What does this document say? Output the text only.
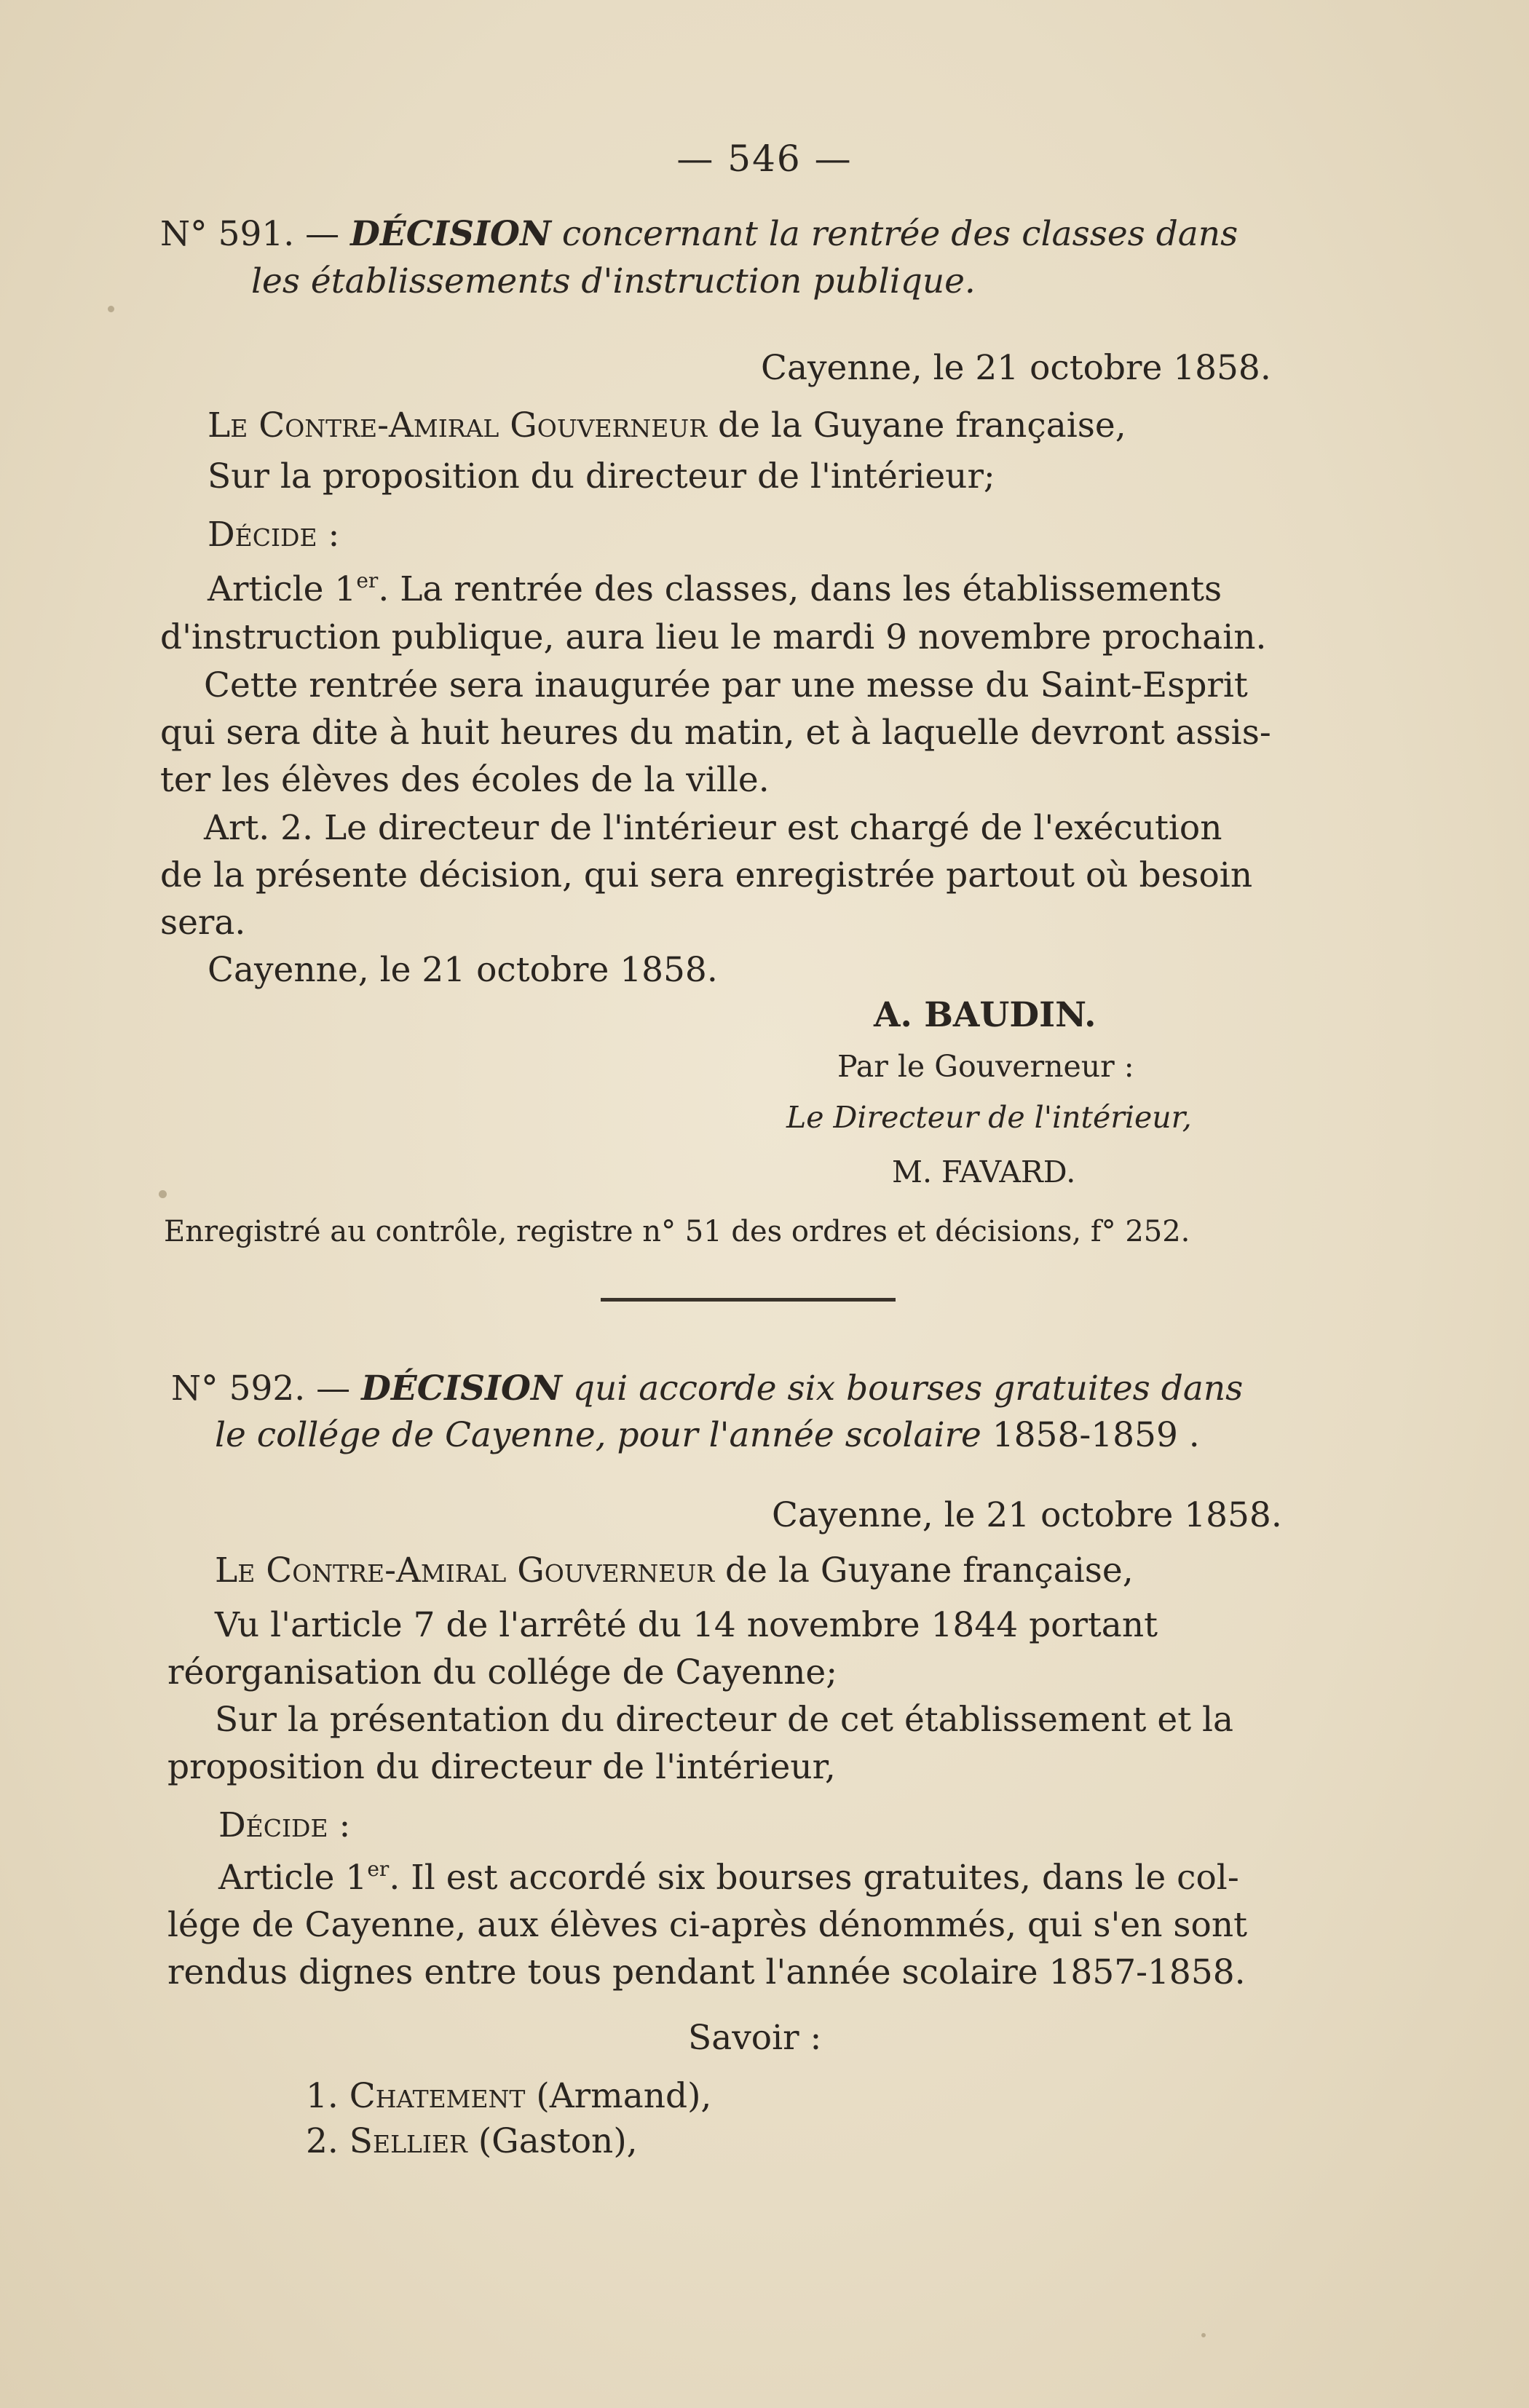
— 546 —
N° 591. — DÉCISION concernant la rentrée des classes dans
les établissements d'instruction publique.
Cayenne, le 21 octobre 1858.
Le Contre-Amiral Gouverneur de la Guyane française,
Sur la proposition du directeur de l'intérieur;
Décide :
Article 1er. La rentrée des classes, dans les établissements
d'instruction publique, aura lieu le mardi 9 novembre prochain.
Cette rentrée sera inaugurée par une messe du Saint-Esprit
qui sera dite à huit heures du matin, et à laquelle devront assis-
ter les élèves des écoles de la ville.
Art. 2. Le directeur de l'intérieur est chargé de l'exécution
de la présente décision, qui sera enregistrée partout où besoin
sera.
Cayenne, le 21 octobre 1858.
A. BAUDIN.
Par le Gouverneur :
Le Directeur de l'intérieur,
M. FAVARD.
Enregistré au contrôle, registre n° 51 des ordres et décisions, f° 252.
N° 592. — DÉCISION qui accorde six bourses gratuites dans
le collége de Cayenne, pour l'année scolaire 1858-1859 .
Cayenne, le 21 octobre 1858.
Le Contre-Amiral Gouverneur de la Guyane française,
Vu l'article 7 de l'arrêté du 14 novembre 1844 portant
réorganisation du collége de Cayenne;
Sur la présentation du directeur de cet établissement et la
proposition du directeur de l'intérieur,
Décide :
Article 1er. Il est accordé six bourses gratuites, dans le col-
lége de Cayenne, aux élèves ci-après dénommés, qui s'en sont
rendus dignes entre tous pendant l'année scolaire 1857-1858.
Savoir :
1. Chatement (Armand),
2. Sellier (Gaston),
